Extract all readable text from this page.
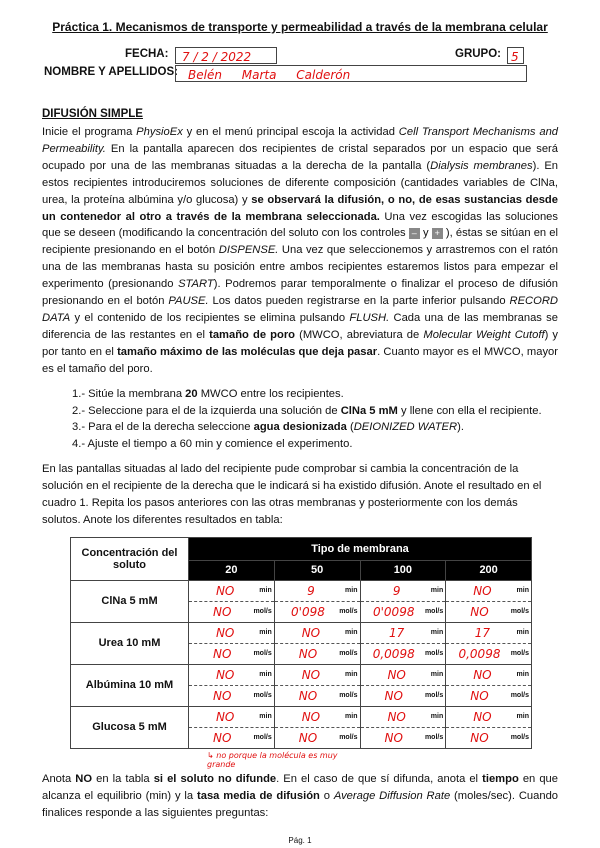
Práctica 1. Mecanismos de transporte y permeabilidad a través de la membrana celular
FECHA:	7 / 2 / 2022	GRUPO: 5
NOMBRE Y APELLIDOS: Belén Marta Calderón
DIFUSIÓN SIMPLE
Inicie el programa PhysioEx y en el menú principal escoja la actividad Cell Transport Mechanisms and Permeability. En la pantalla aparecen dos recipientes de cristal separados por un espacio que será ocupado por una de las membranas situadas a la derecha de la pantalla (Dialysis membranes). En estos recipientes introduciremos soluciones de diferente composición (cantidades variables de ClNa, urea, la proteína albúmina y/o glucosa) y se observará la difusión, o no, de esas sustancias desde un contenedor al otro a través de la membrana seleccionada. Una vez escogidas las soluciones que se deseen (modificando la concentración del soluto con los controles – y + ), éstas se sitúan en el recipiente presionando en el botón DISPENSE. Una vez que seleccionemos y arrastremos con el ratón una de las membranas hasta su posición entre ambos recipientes estaremos listos para empezar el experimento (presionando START). Podremos parar temporalmente o finalizar el proceso de difusión presionando en el botón PAUSE. Los datos pueden registrarse en la parte inferior pulsando RECORD DATA y el contenido de los recipientes se elimina pulsando FLUSH. Cada una de las membranas se diferencia de las restantes en el tamaño de poro (MWCO, abreviatura de Molecular Weight Cutoff) y por tanto en el tamaño máximo de las moléculas que deja pasar. Cuanto mayor es el MWCO, mayor es el tamaño del poro.
1.- Sitúe la membrana 20 MWCO entre los recipientes.
2.- Seleccione para el de la izquierda una solución de ClNa 5 mM y llene con ella el recipiente.
3.- Para el de la derecha seleccione agua desionizada (DEIONIZED WATER).
4.- Ajuste el tiempo a 60 min y comience el experimento.
En las pantallas situadas al lado del recipiente pude comprobar si cambia la concentración de la solución en el recipiente de la derecha que le indicará si ha existido difusión. Anote el resultado en el cuadro 1. Repita los pasos anteriores con las otras membranas y posteriormente con los demás solutos. Anote los diferentes resultados en tabla:
Concentración del soluto	Tipo de membrana			
	20	50	100	200
ClNa 5 mM	NO min	9 min	9 min	NO min

	NO mol/s	0'098 mol/s	0'0098 mol/s	NO mol/s

Urea 10 mM	NO min	NO min	17 min	17 min

	NO mol/s	NO mol/s	0,0098 mol/s	0,0098 mol/s

Albúmina 10 mM	NO min	NO min	NO min	NO min

	NO mol/s	NO mol/s	NO mol/s	NO mol/s

Glucosa 5 mM	NO min	NO min	NO min	NO min

	NO mol/s	NO mol/s	NO mol/s	NO mol/s
↳ no porque la molécula es muy grande
Anota NO en la tabla si el soluto no difunde. En el caso de que sí difunda, anota el tiempo en que alcanza el equilibrio (min) y la tasa media de difusión o Average Diffusion Rate (moles/sec). Cuando finalices responde a las siguientes preguntas:
Pág. 1
